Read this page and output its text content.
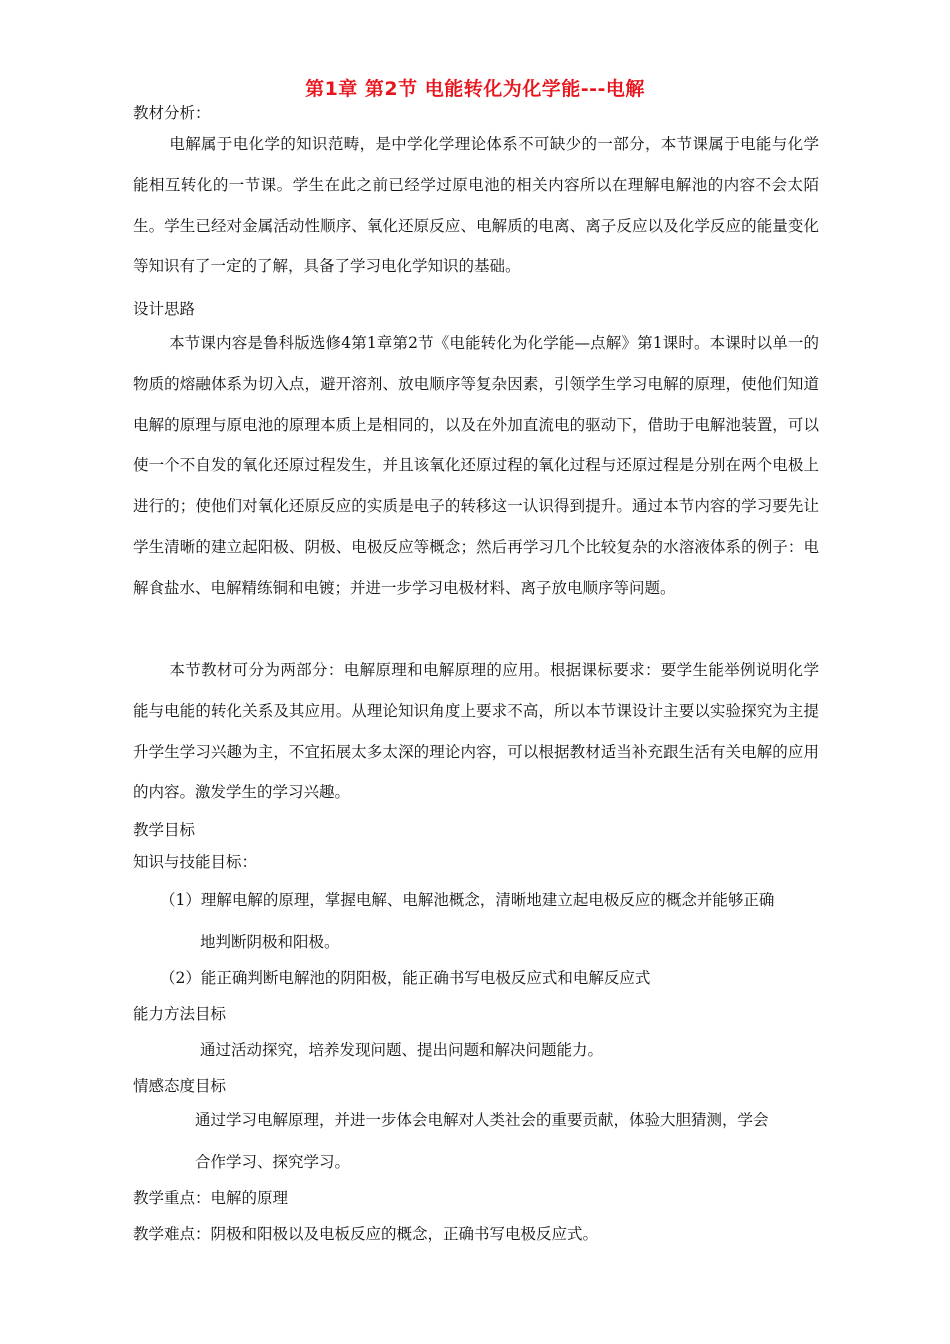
第1章 第2节 电能转化为化学能---电解
教材分析：
电解属于电化学的知识范畴，是中学化学理论体系不可缺少的一部分，本节课属于电能与化学能相互转化的一节课。学生在此之前已经学过原电池的相关内容所以在理解电解池的内容不会太陌生。学生已经对金属活动性顺序、氧化还原反应、电解质的电离、离子反应以及化学反应的能量变化等知识有了一定的了解，具备了学习电化学知识的基础。
设计思路
本节课内容是鲁科版选修4第1章第2节《电能转化为化学能—点解》第1课时。本课时以单一的物质的熔融体系为切入点，避开溶剂、放电顺序等复杂因素，引领学生学习电解的原理，使他们知道电解的原理与原电池的原理本质上是相同的，以及在外加直流电的驱动下，借助于电解池装置，可以使一个不自发的氧化还原过程发生，并且该氧化还原过程的氧化过程与还原过程是分别在两个电极上进行的；使他们对氧化还原反应的实质是电子的转移这一认识得到提升。通过本节内容的学习要先让学生清晰的建立起阳极、阴极、电极反应等概念；然后再学习几个比较复杂的水溶液体系的例子：电解食盐水、电解精练铜和电镀；并进一步学习电极材料、离子放电顺序等问题。
本节教材可分为两部分：电解原理和电解原理的应用。根据课标要求：要学生能举例说明化学能与电能的转化关系及其应用。从理论知识角度上要求不高，所以本节课设计主要以实验探究为主提升学生学习兴趣为主，不宜拓展太多太深的理论内容，可以根据教材适当补充跟生活有关电解的应用的内容。激发学生的学习兴趣。
教学目标
知识与技能目标：
（1）理解电解的原理，掌握电解、电解池概念，清晰地建立起电极反应的概念并能够正确
地判断阴极和阳极。
（2）能正确判断电解池的阴阳极，能正确书写电极反应式和电解反应式
能力方法目标
通过活动探究，培养发现问题、提出问题和解决问题能力。
情感态度目标
通过学习电解原理，并进一步体会电解对人类社会的重要贡献，体验大胆猜测，学会
合作学习、探究学习。
教学重点：电解的原理
教学难点：阴极和阳极以及电板反应的概念，正确书写电极反应式。
